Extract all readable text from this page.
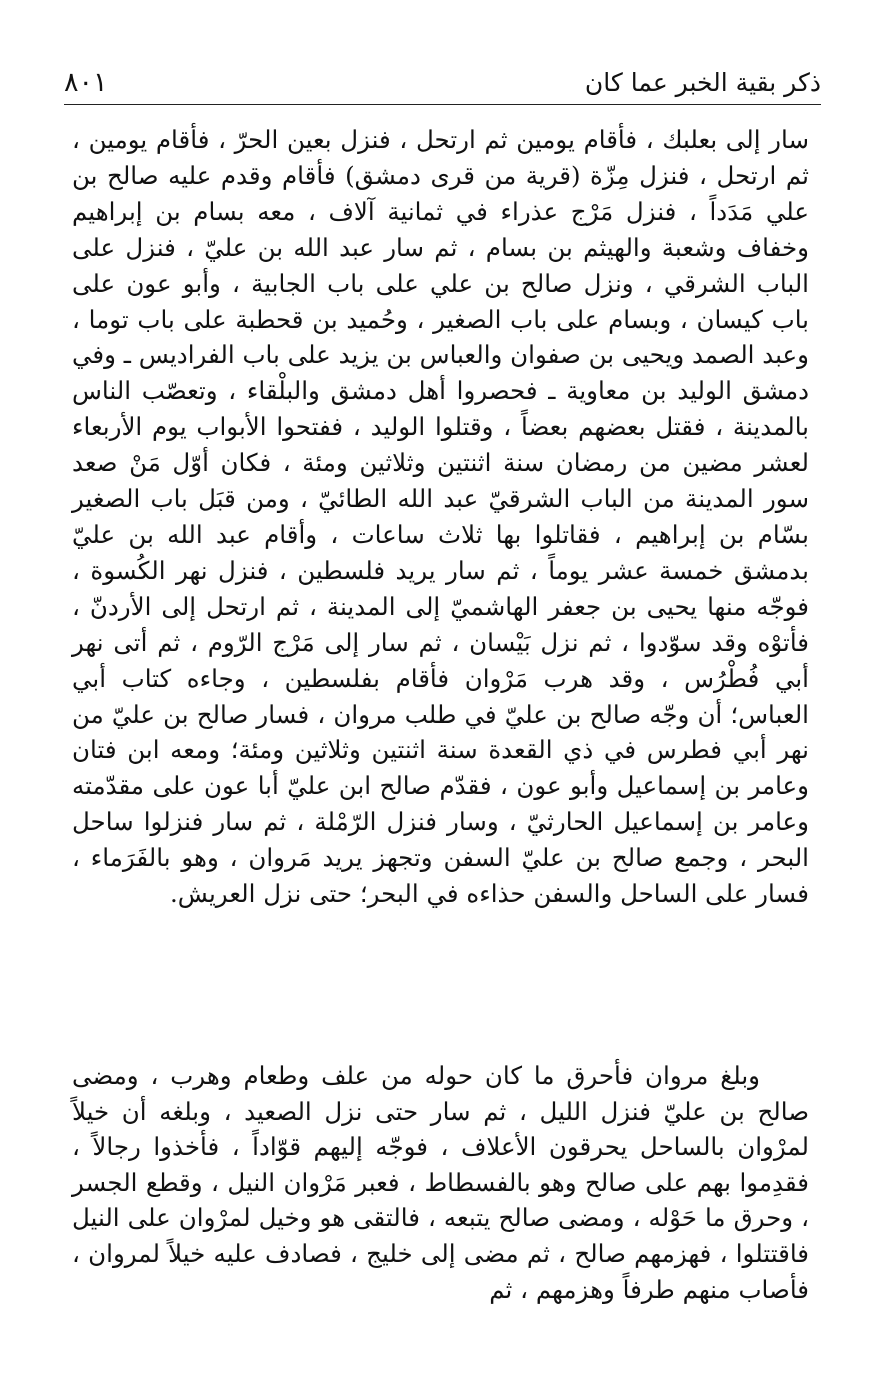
٨٠١	ذكر بقية الخبر عما كان

سار إلى بعلبك ، فأقام يومين ثم ارتحل ، فنزل بعين الحرّ ، فأقام يومين ، ثم ارتحل ، فنزل مِزّة (قرية من قرى دمشق) فأقام وقدم عليه صالح بن علي مَدَداً ، فنزل مَرْج عذراء في ثمانية آلاف ، معه بسام بن إبراهيم وخفاف وشعبة والهيثم بن بسام ، ثم سار عبد الله بن عليّ ، فنزل على الباب الشرقي ، ونزل صالح بن علي على باب الجابية ، وأبو عون على باب كيسان ، وبسام على باب الصغير ، وحُميد بن قحطبة على باب توما ، وعبد الصمد ويحيى بن صفوان والعباس بن يزيد على باب الفراديس ـ وفي دمشق الوليد بن معاوية ـ فحصروا أهل دمشق والبلْقاء ، وتعصّب الناس بالمدينة ، فقتل بعضهم بعضاً ، وقتلوا الوليد ، ففتحوا الأبواب يوم الأربعاء لعشر مضين من رمضان سنة اثنتين وثلاثين ومئة ، فكان أوّل مَنْ صعد سور المدينة من الباب الشرقيّ عبد الله الطائيّ ، ومن قبَل باب الصغير بسّام بن إبراهيم ، فقاتلوا بها ثلاث ساعات ، وأقام عبد الله بن عليّ بدمشق خمسة عشر يوماً ، ثم سار يريد فلسطين ، فنزل نهر الكُسوة ، فوجّه منها يحيى بن جعفر الهاشميّ إلى المدينة ، ثم ارتحل إلى الأردنّ ، فأتوْه وقد سوّدوا ، ثم نزل بَيْسان ، ثم سار إلى مَرْج الرّوم ، ثم أتى نهر أبي فُطْرُس ، وقد هرب مَرْوان فأقام بفلسطين ، وجاءه كتاب أبي العباس؛ أن وجّه صالح بن عليّ في طلب مروان ، فسار صالح بن عليّ من نهر أبي فطرس في ذي القعدة سنة اثنتين وثلاثين ومئة؛ ومعه ابن فتان وعامر بن إسماعيل وأبو عون ، فقدّم صالح ابن عليّ أبا عون على مقدّمته وعامر بن إسماعيل الحارثيّ ، وسار فنزل الرّمْلة ، ثم سار فنزلوا ساحل البحر ، وجمع صالح بن عليّ السفن وتجهز يريد مَروان ، وهو بالفَرَماء ، فسار على الساحل والسفن حذاءه في البحر؛ حتى نزل العريش.

وبلغ مروان فأحرق ما كان حوله من علف وطعام وهرب ، ومضى صالح بن عليّ فنزل الليل ، ثم سار حتى نزل الصعيد ، وبلغه أن خيلاً لمرْوان بالساحل يحرقون الأعلاف ، فوجّه إليهم قوّاداً ، فأخذوا رجالاً ، فقدِموا بهم على صالح وهو بالفسطاط ، فعبر مَرْوان النيل ، وقطع الجسر ، وحرق ما حَوْله ، ومضى صالح يتبعه ، فالتقى هو وخيل لمرْوان على النيل فاقتتلوا ، فهزمهم صالح ، ثم مضى إلى خليج ، فصادف عليه خيلاً لمروان ، فأصاب منهم طرفاً وهزمهم ، ثم
